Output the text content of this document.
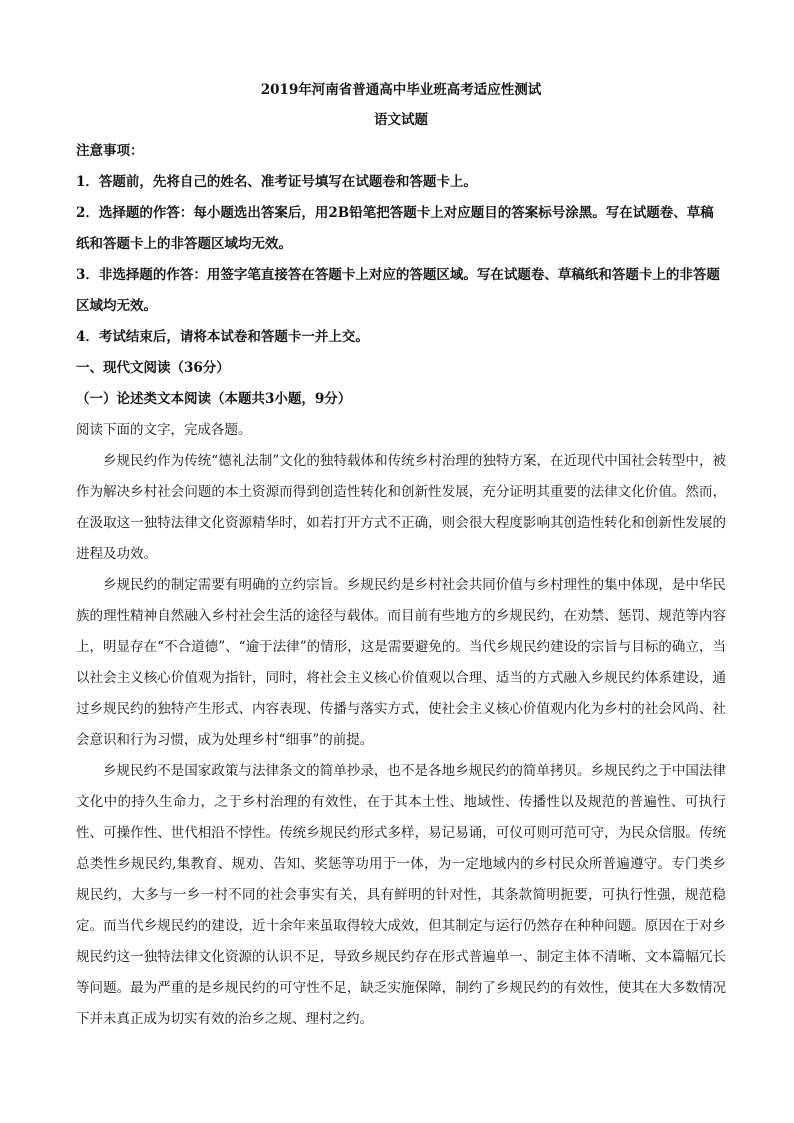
2019年河南省普通高中毕业班高考适应性测试

语文试题

注意事项：

1．答题前，先将自己的姓名、准考证号填写在试题卷和答题卡上。

2．选择题的作答：每小题选出答案后，用2B铅笔把答题卡上对应题目的答案标号涂黑。写在试题卷、草稿纸和答题卡上的非答题区域均无效。

3．非选择题的作答：用签字笔直接答在答题卡上对应的答题区域。写在试题卷、草稿纸和答题卡上的非答题区域均无效。

4．考试结束后，请将本试卷和答题卡一并上交。

一、现代文阅读（36分）

（一）论述类文本阅读（本题共3小题，9分）

阅读下面的文字，完成各题。

乡规民约作为传统“德礼法制”文化的独特载体和传统乡村治理的独特方案，在近现代中国社会转型中，被作为解决乡村社会问题的本土资源而得到创造性转化和创新性发展，充分证明其重要的法律文化价值。然而，在汲取这一独特法律文化资源精华时，如若打开方式不正确，则会很大程度影响其创造性转化和创新性发展的进程及功效。

乡规民约的制定需要有明确的立约宗旨。乡规民约是乡村社会共同价值与乡村理性的集中体现，是中华民族的理性精神自然融入乡村社会生活的途径与载体。而目前有些地方的乡规民约，在劝禁、惩罚、规范等内容上，明显存在“不合道德”、“逾于法律”的情形，这是需要避免的。当代乡规民约建设的宗旨与目标的确立，当以社会主义核心价值观为指针，同时，将社会主义核心价值观以合理、适当的方式融入乡规民约体系建设，通过乡规民约的独特产生形式、内容表现、传播与落实方式，使社会主义核心价值观内化为乡村的社会风尚、社会意识和行为习惯，成为处理乡村“细事”的前提。

乡规民约不是国家政策与法律条文的简单抄录，也不是各地乡规民约的简单拷贝。乡规民约之于中国法律文化中的持久生命力，之于乡村治理的有效性，在于其本土性、地域性、传播性以及规范的普遍性、可执行性、可操作性、世代相沿不悖性。传统乡规民约形式多样，易记易诵，可仪可则可范可守，为民众信服。传统总类性乡规民约,集教育、规劝、告知、奖惩等功用于一体，为一定地域内的乡村民众所普遍遵守。专门类乡规民约，大多与一乡一村不同的社会事实有关，具有鲜明的针对性，其条款简明扼要，可执行性强，规范稳定。而当代乡规民约的建设，近十余年来虽取得较大成效，但其制定与运行仍然存在种种问题。原因在于对乡规民约这一独特法律文化资源的认识不足，导致乡规民约存在形式普遍单一、制定主体不清晰、文本篇幅冗长等问题。最为严重的是乡规民约的可守性不足，缺乏实施保障，制约了乡规民约的有效性，使其在大多数情况下并未真正成为切实有效的治乡之规、理村之约。
